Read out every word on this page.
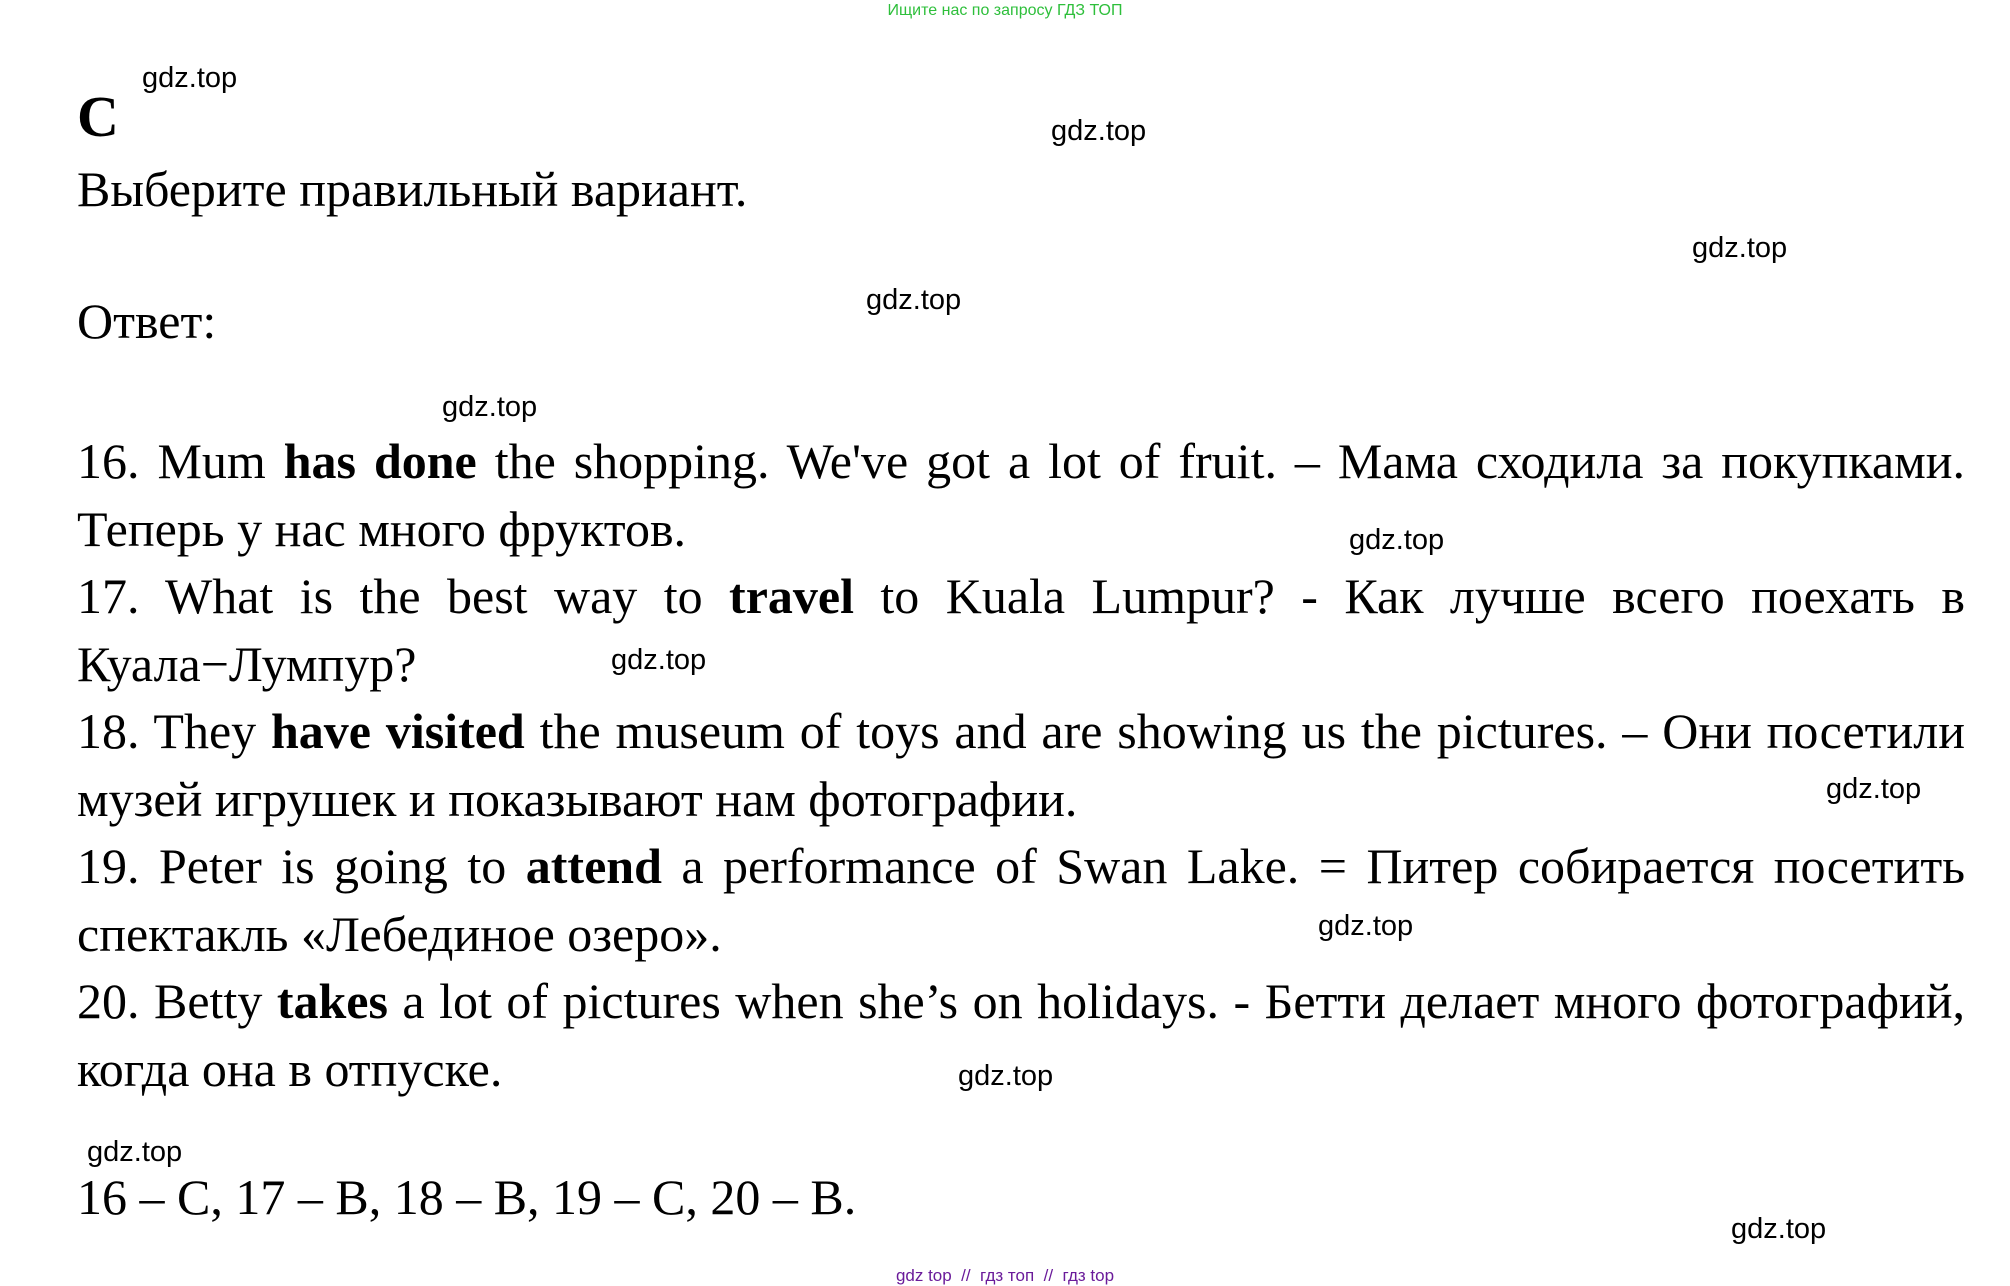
Ищите нас по запросу ГДЗ ТОП
gdz.top
gdz.top
gdz.top
gdz.top
gdz.top
gdz.top
gdz.top
gdz.top
gdz.top
gdz.top
gdz.top
gdz.top
C
Выберите правильный вариант.
Ответ:

16. Mum has done the shopping. We've got a lot of fruit. – Мама сходила за покупками. Теперь у нас много фруктов.

17. What is the best way to travel to Kuala Lumpur? - Как лучше всего поехать в Куала−Лумпур?

18. They have visited the museum of toys and are showing us the pictures. – Они посетили музей игрушек и показывают нам фотографии.

19. Peter is going to attend a performance of Swan Lake. = Питер собирается посетить спектакль «Лебединое озеро».

20. Betty takes a lot of pictures when she’s on holidays. - Бетти делает много фотографий, когда она в отпуске.

16 – C, 17 – B, 18 – B, 19 – C, 20 – B.
gdz top  //  гдз топ  //  гдз top
